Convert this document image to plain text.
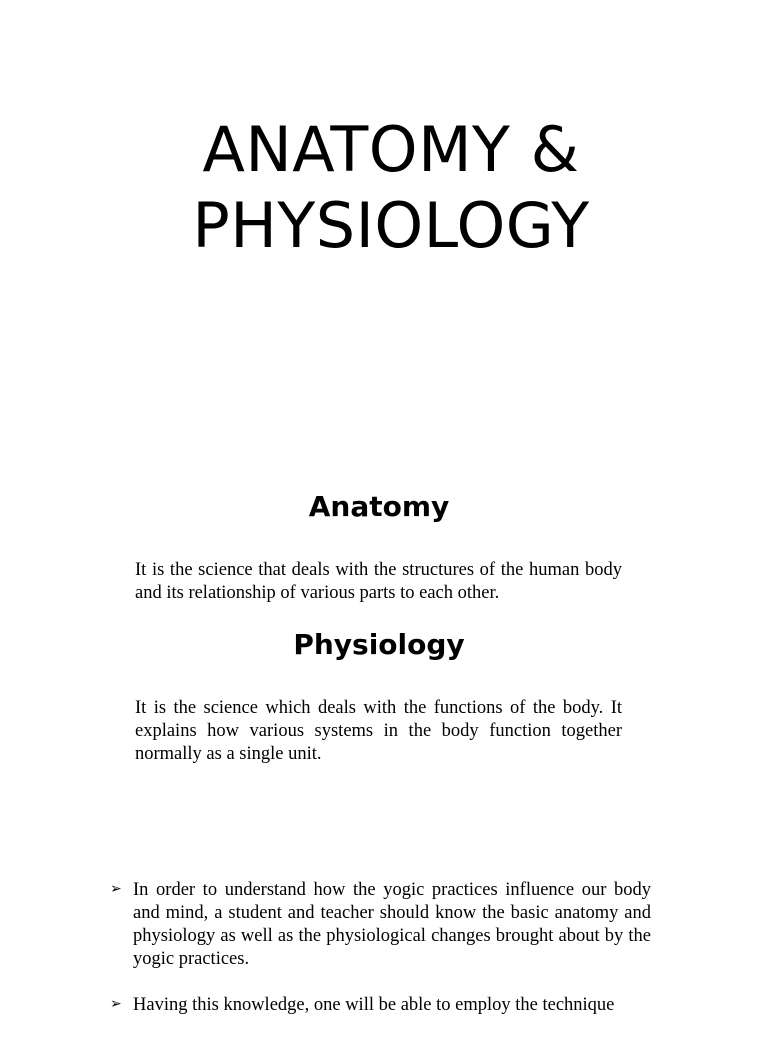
ANATOMY &
PHYSIOLOGY
Anatomy

It is the science that deals with the structures of the human body and its relationship of various parts to each other.

Physiology

It is the science which deals with the functions of the body. It explains how various systems in the body function together normally as a single unit.

➢ In order to understand how the yogic practices influence our body and mind, a student and teacher should know the basic anatomy and physiology as well as the physiological changes brought about by the yogic practices.
➢ Having this knowledge, one will be able to employ the technique
